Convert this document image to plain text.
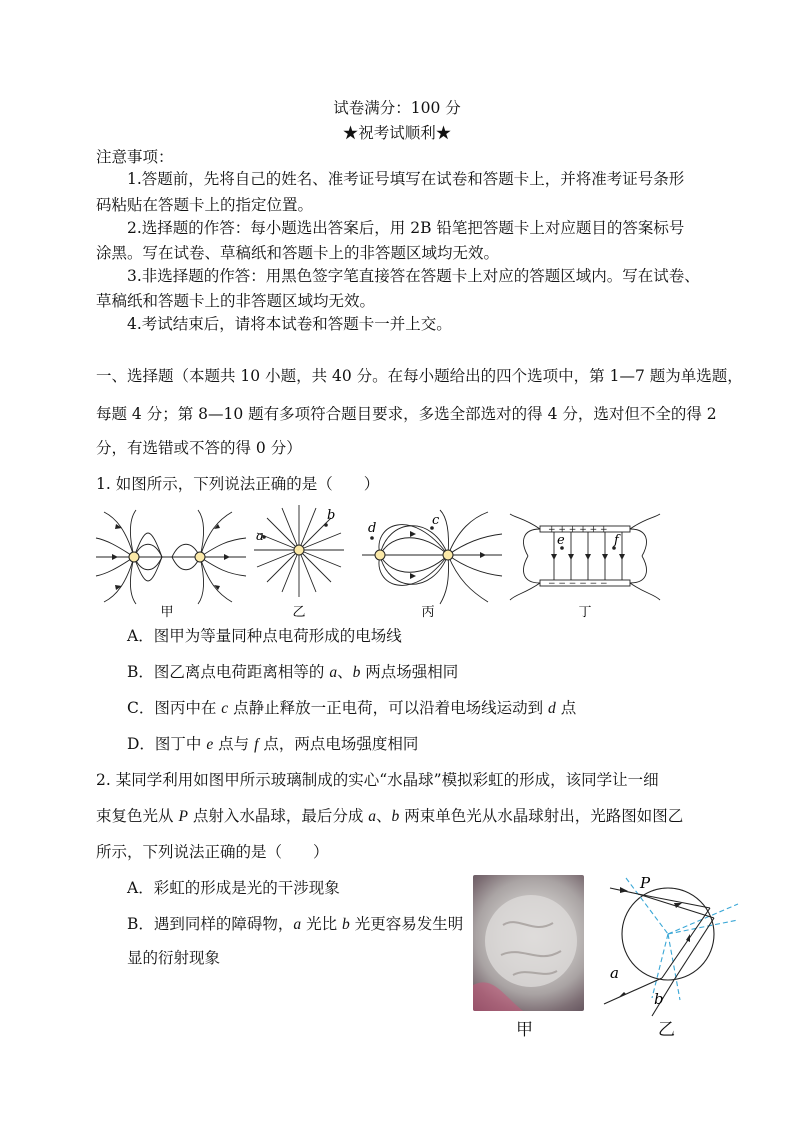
试卷满分：100 分
★祝考试顺利★
注意事项：
1.答题前，先将自己的姓名、准考证号填写在试卷和答题卡上，并将准考证号条形
码粘贴在答题卡上的指定位置。
2.选择题的作答：每小题选出答案后，用 2B 铅笔把答题卡上对应题目的答案标号
涂黑。写在试卷、草稿纸和答题卡上的非答题区域均无效。
3.非选择题的作答：用黑色签字笔直接答在答题卡上对应的答题区域内。写在试卷、
草稿纸和答题卡上的非答题区域均无效。
4.考试结束后，请将本试卷和答题卡一并上交。
一、选择题（本题共 10 小题，共 40 分。在每小题给出的四个选项中，第 1—7 题为单选题，
每题 4 分；第 8—10 题有多项符合题目要求，多选全部选对的得 4 分，选对但不全的得 2
分，有选错或不答的得 0 分）
1. 如图所示，下列说法正确的是（　　）
甲
b
a
乙
d
c
丙
+ + + + + +
− − − − − −
e	f
丁
A．图甲为等量同种点电荷形成的电场线
B．图乙离点电荷距离相等的 a、b 两点场强相同
C．图丙中在 c 点静止释放一正电荷，可以沿着电场线运动到 d 点
D．图丁中 e 点与 f 点，两点电场强度相同
2. 某同学利用如图甲所示玻璃制成的实心“水晶球”模拟彩虹的形成，该同学让一细
束复色光从 P 点射入水晶球，最后分成 a、b 两束单色光从水晶球射出，光路图如图乙
所示，下列说法正确的是（　　）
A．彩虹的形成是光的干涉现象
B．遇到同样的障碍物，a 光比 b 光更容易发生明
显的衍射现象
甲
P
a
b
乙
